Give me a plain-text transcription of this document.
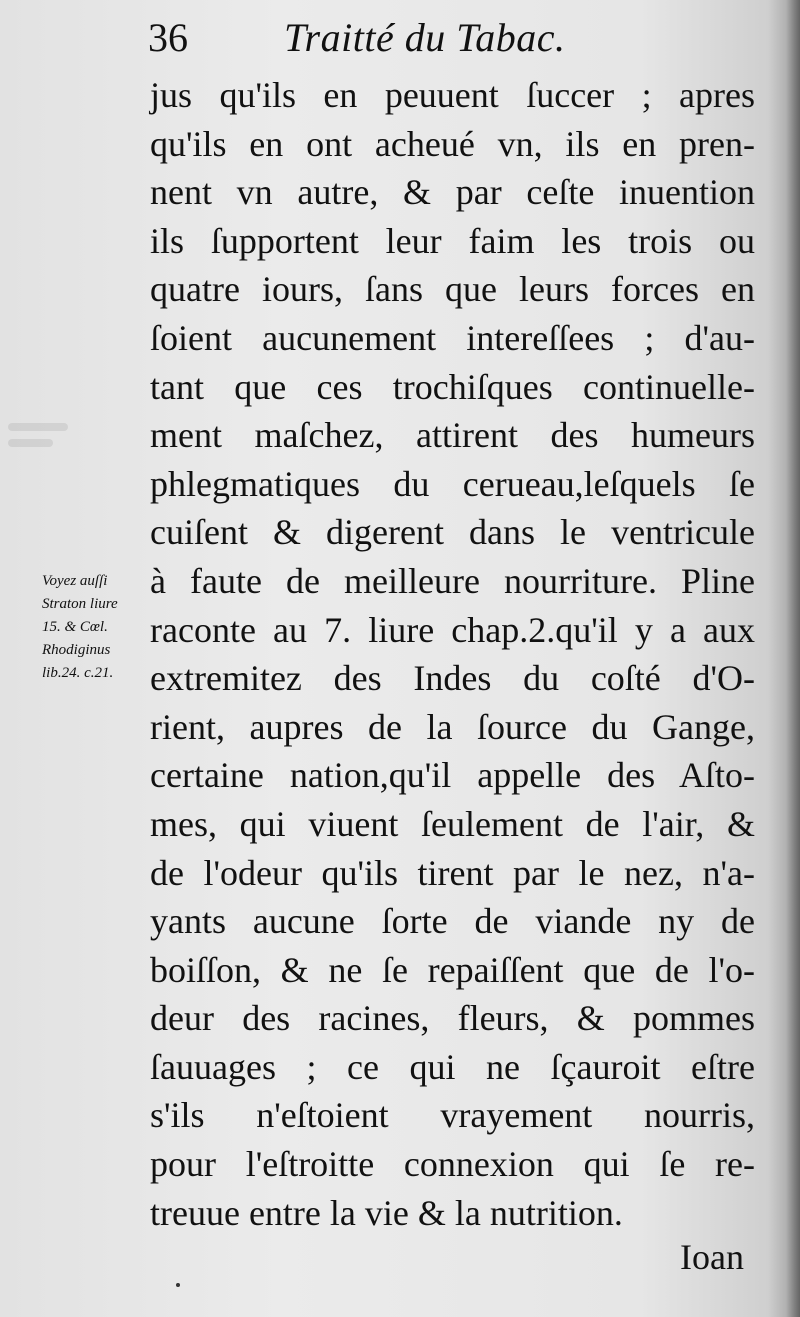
36 Traitté du Tabac.
Voyez auſſi
Straton liure
15. & Cœl.
Rhodiginus
lib.24. c.21.
jus qu'ils en peuuent ſuccer ; apres
qu'ils en ont acheué vn, ils en pren-
nent vn autre, & par ceſte inuention
ils ſupportent leur faim les trois ou
quatre iours, ſans que leurs forces en
ſoient aucunement intereſſees ; d'au-
tant que ces trochiſques continuelle-
ment maſchez, attirent des humeurs
phlegmatiques du cerueau,leſquels ſe
cuiſent & digerent dans le ventricule
à faute de meilleure nourriture. Pline
raconte au 7. liure chap.2.qu'il y a aux
extremitez des Indes du coſté d'O-
rient, aupres de la ſource du Gange,
certaine nation,qu'il appelle des Aſto-
mes, qui viuent ſeulement de l'air, &
de l'odeur qu'ils tirent par le nez, n'a-
yants aucune ſorte de viande ny de
boiſſon, & ne ſe repaiſſent que de l'o-
deur des racines, fleurs, & pommes
ſauuages ; ce qui ne ſçauroit eſtre
s'ils n'eſtoient vrayement nourris,
pour l'eſtroitte connexion qui ſe re-
treuue entre la vie & la nutrition.
Ioan
